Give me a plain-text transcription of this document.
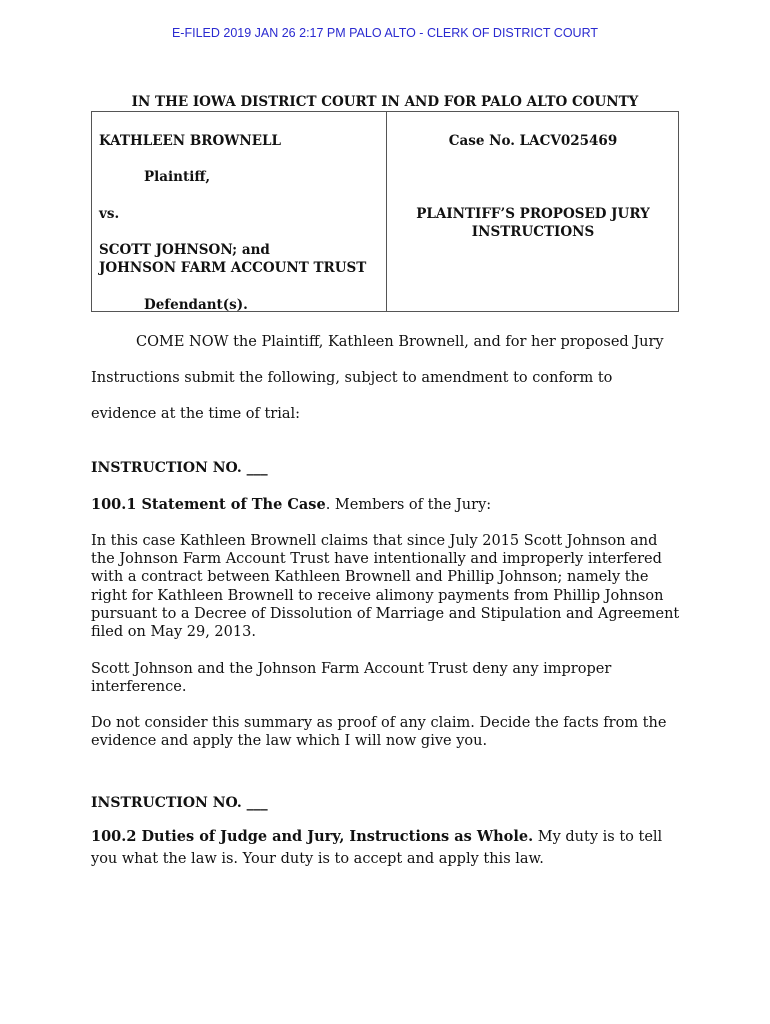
E-FILED 2019 JAN 26 2:17 PM PALO ALTO - CLERK OF DISTRICT COURT
IN THE IOWA DISTRICT COURT IN AND FOR PALO ALTO COUNTY
KATHLEEN BROWNELL
Plaintiff,
vs.
SCOTT JOHNSON; and
JOHNSON FARM ACCOUNT TRUST
Defendant(s).
Case No. LACV025469
PLAINTIFF’S PROPOSED JURY
INSTRUCTIONS
COME NOW the Plaintiff, Kathleen Brownell, and for her proposed Jury
Instructions submit the following, subject to amendment to conform to
evidence at the time of trial:
INSTRUCTION NO. ___
100.1 Statement of The Case. Members of the Jury:
In this case Kathleen Brownell claims that since July 2015 Scott Johnson and
the Johnson Farm Account Trust have intentionally and improperly interfered
with a contract between Kathleen Brownell and Phillip Johnson; namely the
right for Kathleen Brownell to receive alimony payments from Phillip Johnson
pursuant to a Decree of Dissolution of Marriage and Stipulation and Agreement
filed on May 29, 2013.
Scott Johnson and the Johnson Farm Account Trust deny any improper
interference.
Do not consider this summary as proof of any claim. Decide the facts from the
evidence and apply the law which I will now give you.
INSTRUCTION NO. ___
100.2 Duties of Judge and Jury, Instructions as Whole. My duty is to tell
you what the law is. Your duty is to accept and apply this law.
